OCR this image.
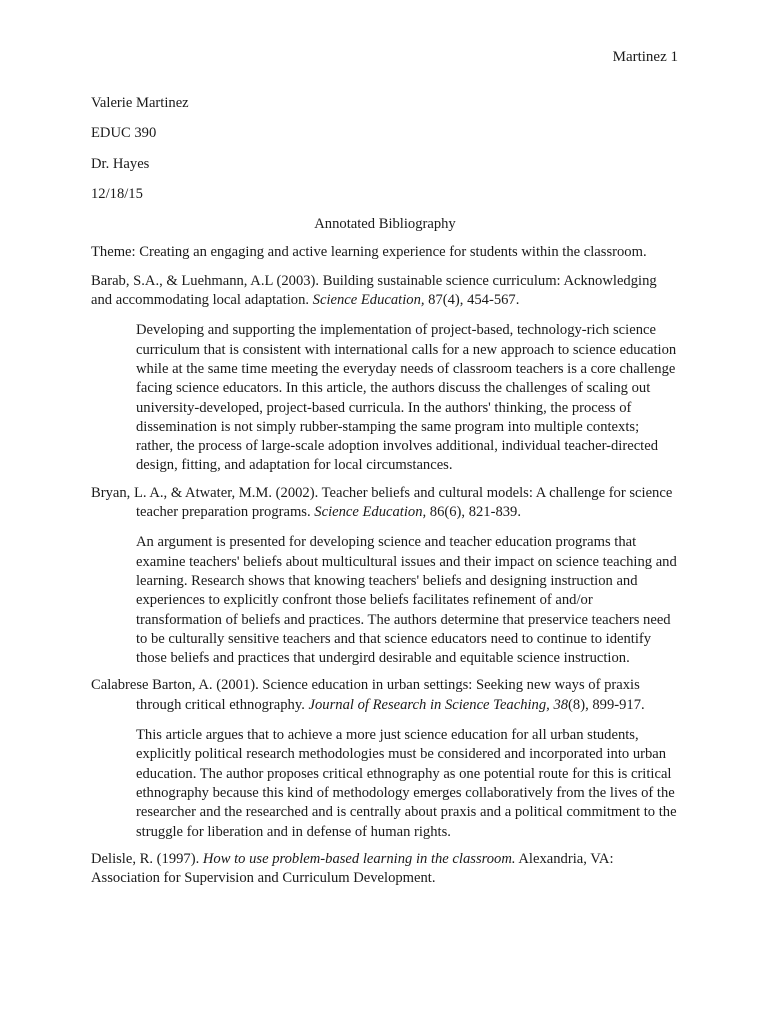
Martinez 1
Valerie Martinez
EDUC 390
Dr. Hayes
12/18/15
Annotated Bibliography
Theme: Creating an engaging and active learning experience for students within the classroom.
Barab, S.A., & Luehmann, A.L (2003). Building sustainable science curriculum: Acknowledging and accommodating local adaptation. Science Education, 87(4), 454-567.
Developing and supporting the implementation of project-based, technology-rich science curriculum that is consistent with international calls for a new approach to science education while at the same time meeting the everyday needs of classroom teachers is a core challenge facing science educators. In this article, the authors discuss the challenges of scaling out university-developed, project-based curricula. In the authors' thinking, the process of dissemination is not simply rubber-stamping the same program into multiple contexts; rather, the process of large-scale adoption involves additional, individual teacher-directed design, fitting, and adaptation for local circumstances.
Bryan, L. A., & Atwater, M.M. (2002). Teacher beliefs and cultural models: A challenge for science teacher preparation programs. Science Education, 86(6), 821-839.
An argument is presented for developing science and teacher education programs that examine teachers' beliefs about multicultural issues and their impact on science teaching and learning. Research shows that knowing teachers' beliefs and designing instruction and experiences to explicitly confront those beliefs facilitates refinement of and/or transformation of beliefs and practices. The authors determine that preservice teachers need to be culturally sensitive teachers and that science educators need to continue to identify those beliefs and practices that undergird desirable and equitable science instruction.
Calabrese Barton, A. (2001). Science education in urban settings: Seeking new ways of praxis through critical ethnography. Journal of Research in Science Teaching, 38(8), 899-917.
This article argues that to achieve a more just science education for all urban students, explicitly political research methodologies must be considered and incorporated into urban education. The author proposes critical ethnography as one potential route for this is critical ethnography because this kind of methodology emerges collaboratively from the lives of the researcher and the researched and is centrally about praxis and a political commitment to the struggle for liberation and in defense of human rights.
Delisle, R. (1997). How to use problem-based learning in the classroom. Alexandria, VA: Association for Supervision and Curriculum Development.
